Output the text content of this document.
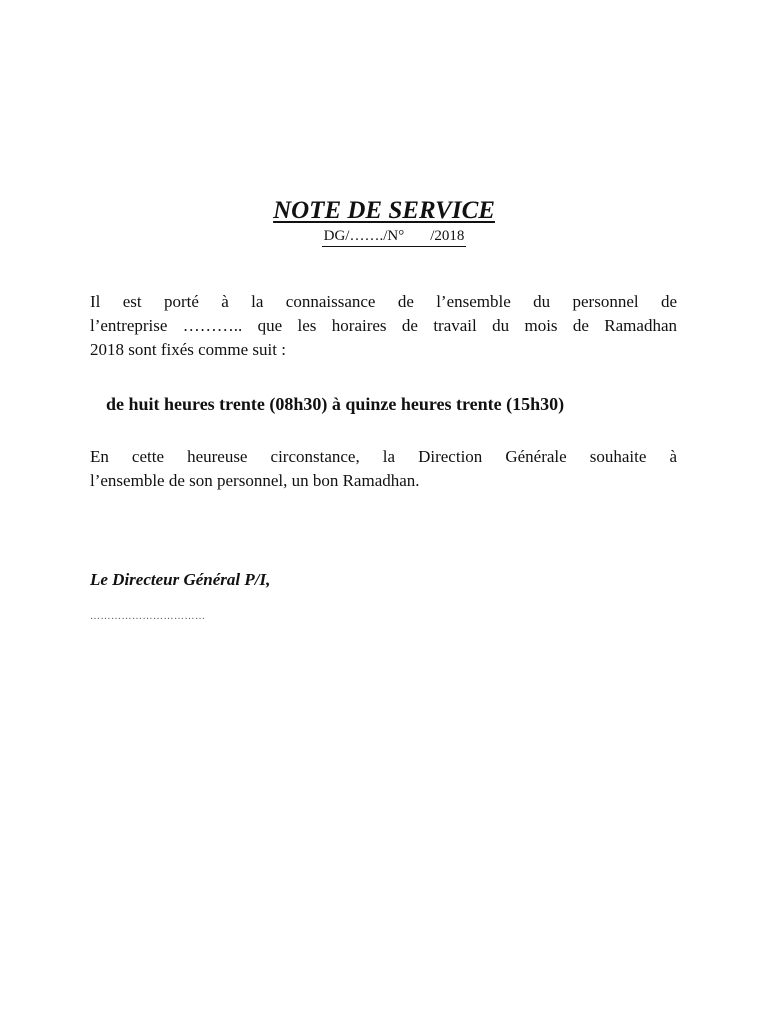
NOTE DE SERVICE
DG/……./N° /2018
Il est porté à la connaissance de l’ensemble du personnel de
l’entreprise ……….. que les horaires de travail du mois de Ramadhan
2018 sont fixés comme suit :
de huit heures trente (08h30) à quinze heures trente (15h30)
En cette heureuse circonstance, la Direction Générale souhaite à
l’ensemble de son personnel, un bon Ramadhan.
Le Directeur Général P/I,
……………………………
